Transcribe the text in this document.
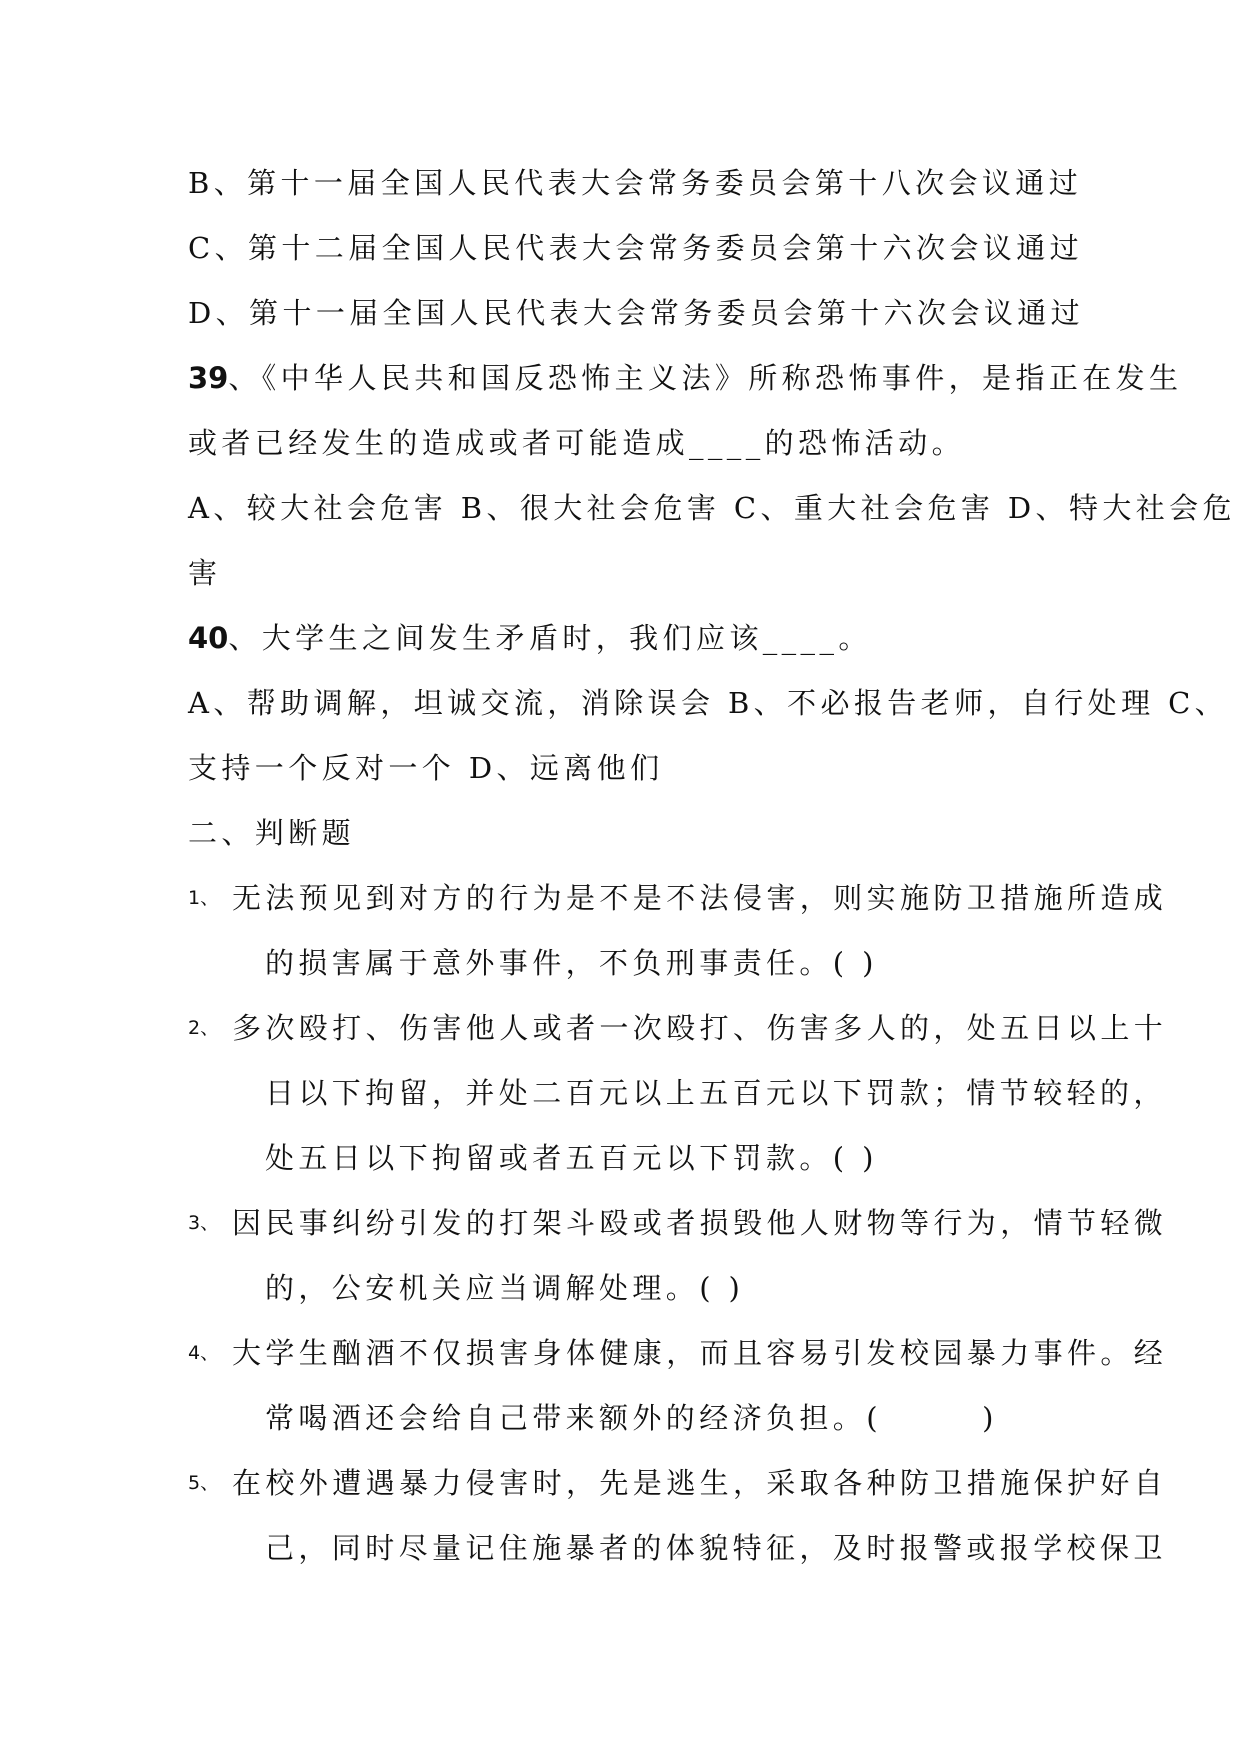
B、第十一届全国人民代表大会常务委员会第十八次会议通过
C、第十二届全国人民代表大会常务委员会第十六次会议通过
D、第十一届全国人民代表大会常务委员会第十六次会议通过
39、《中华人民共和国反恐怖主义法》所称恐怖事件，是指正在发生
或者已经发生的造成或者可能造成____的恐怖活动。
A、较大社会危害 B、很大社会危害 C、重大社会危害 D、特大社会危
害
40、大学生之间发生矛盾时，我们应该____。
A、帮助调解，坦诚交流，消除误会 B、不必报告老师，自行处理 C、
支持一个反对一个 D、远离他们
二、判断题
1、 无法预见到对方的行为是不是不法侵害，则实施防卫措施所造成
的损害属于意外事件，不负刑事责任。( )
2、 多次殴打、伤害他人或者一次殴打、伤害多人的，处五日以上十
日以下拘留，并处二百元以上五百元以下罚款；情节较轻的，
处五日以下拘留或者五百元以下罚款。( )
3、 因民事纠纷引发的打架斗殴或者损毁他人财物等行为，情节轻微
的，公安机关应当调解处理。( )
4、 大学生酗酒不仅损害身体健康，而且容易引发校园暴力事件。经
常喝酒还会给自己带来额外的经济负担。(　　　)
5、 在校外遭遇暴力侵害时，先是逃生，采取各种防卫措施保护好自
己，同时尽量记住施暴者的体貌特征，及时报警或报学校保卫
